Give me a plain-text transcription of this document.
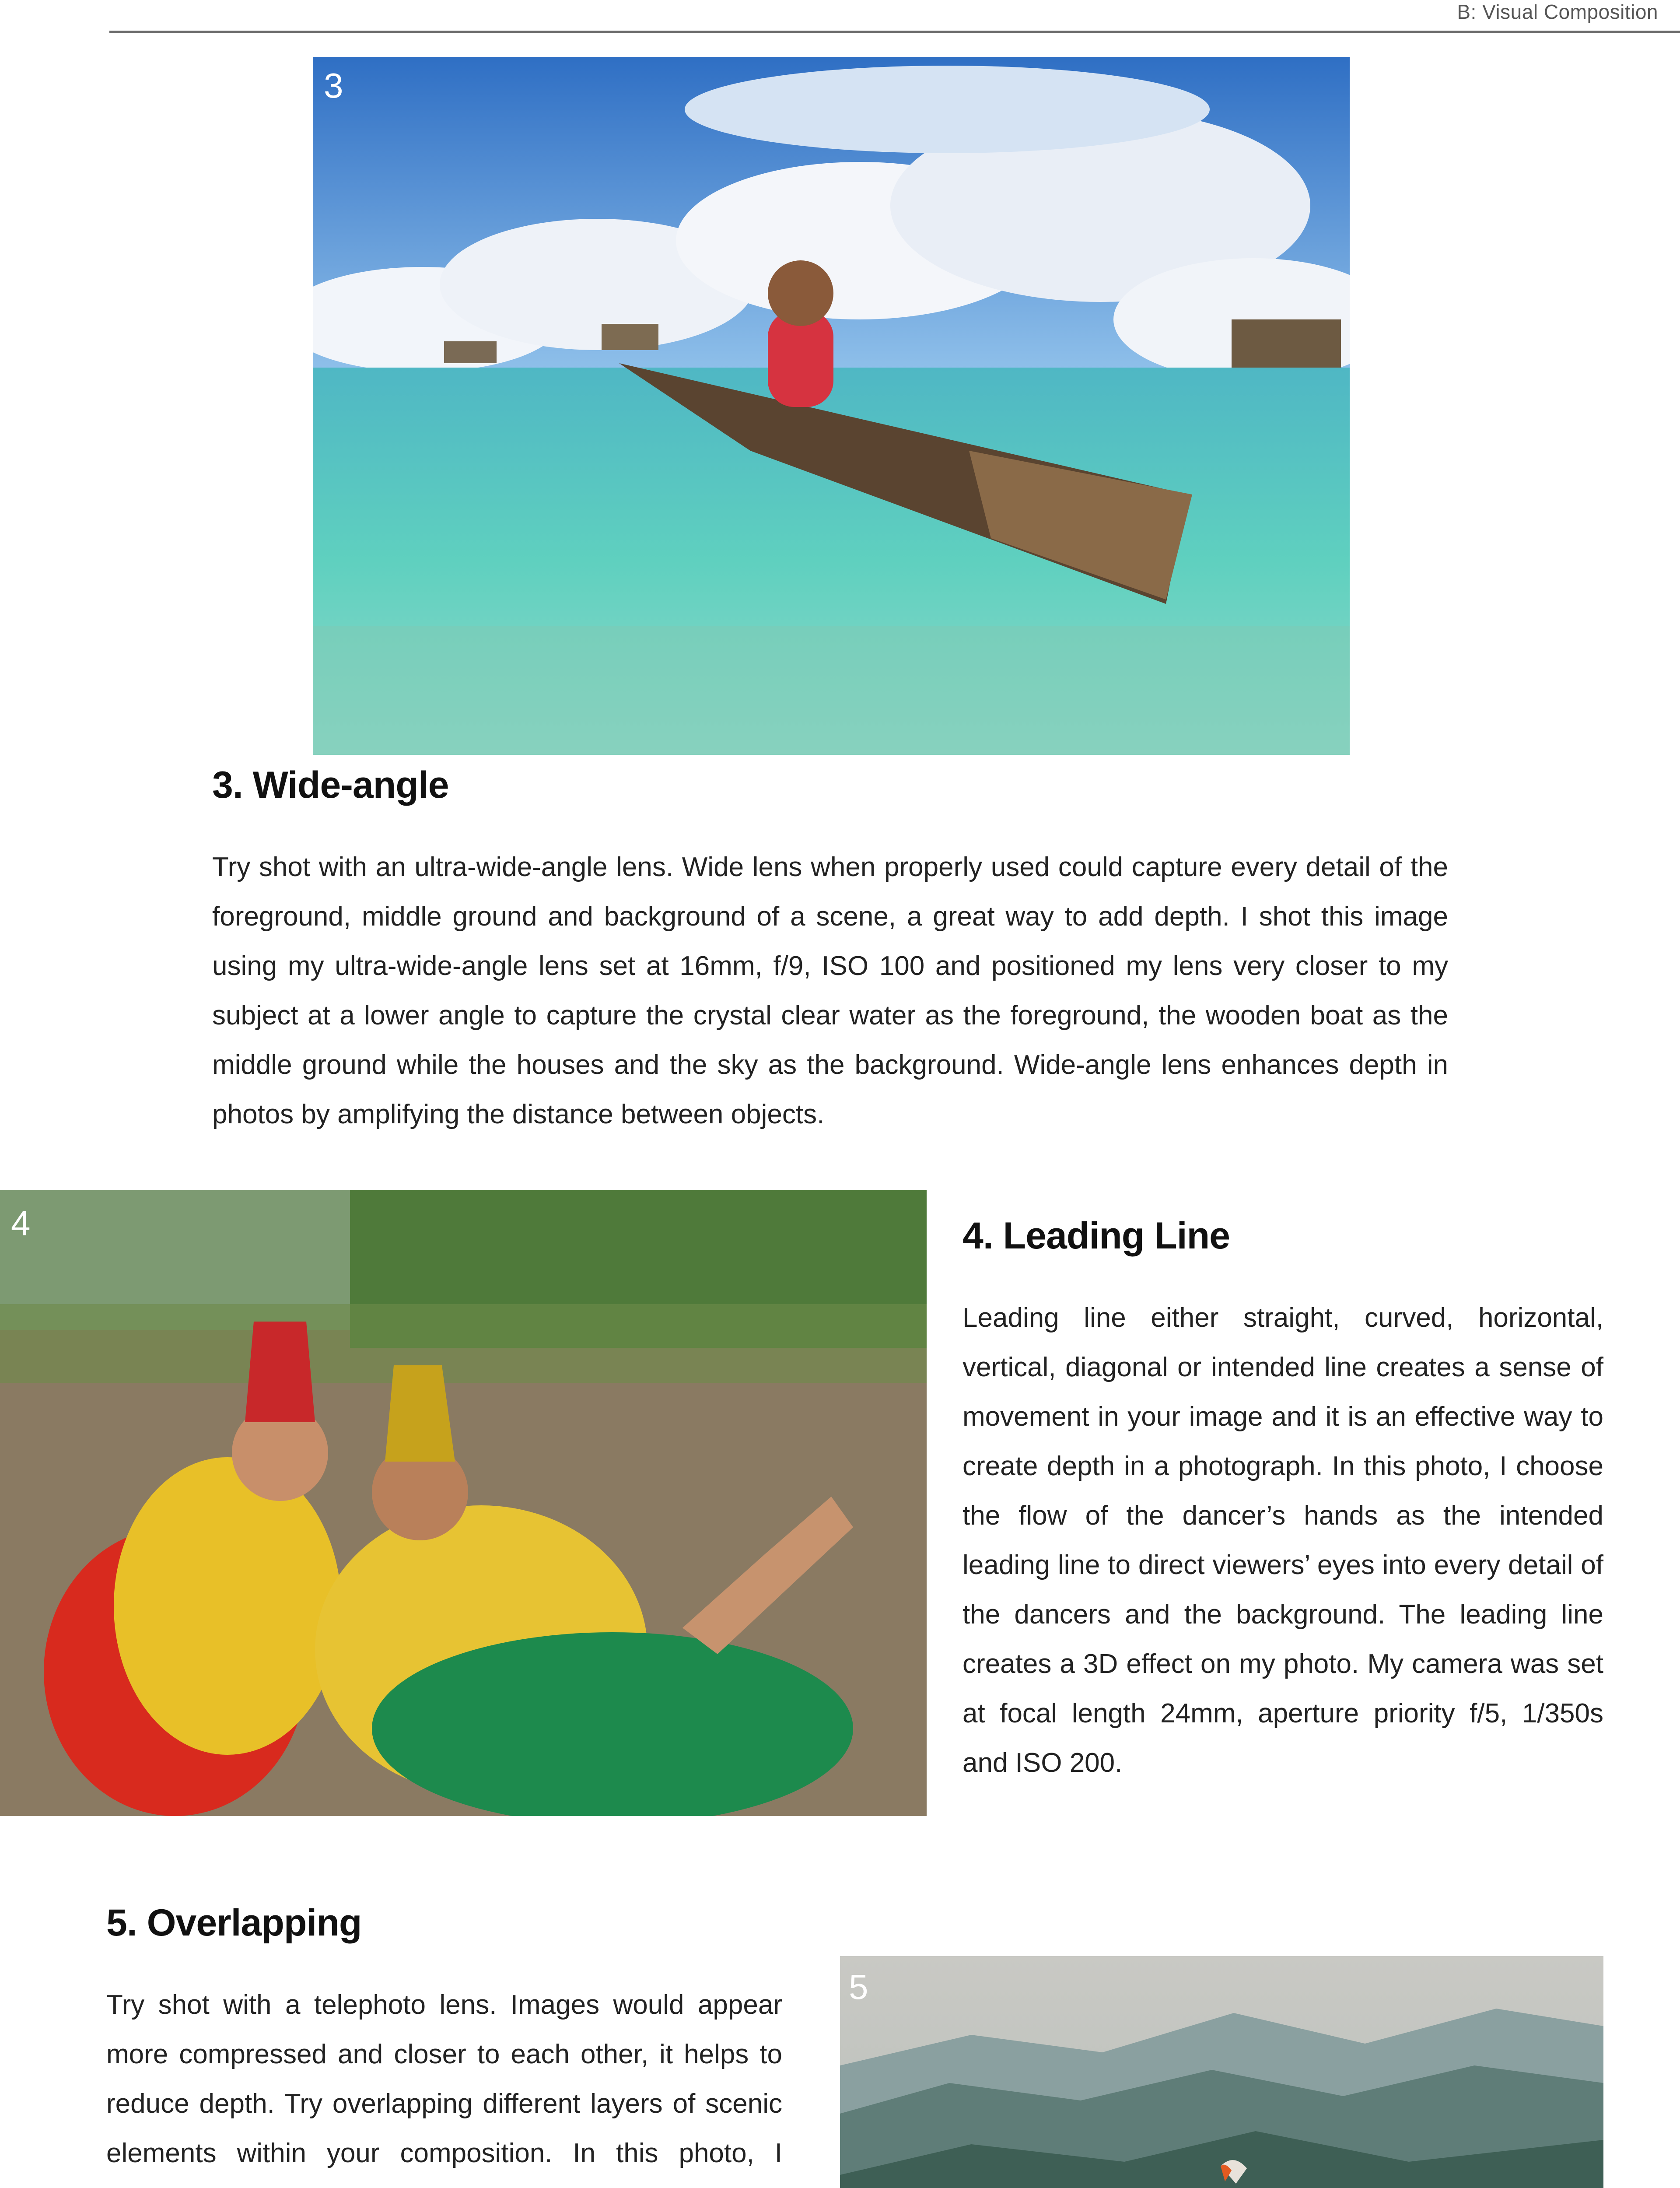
B: Visual Composition
3
3. Wide-angle
Try shot with an ultra-wide-angle lens. Wide lens when properly used could capture every detail of the foreground, middle ground and background of a scene, a great way to add depth. I shot this image using my ultra-wide-angle lens set at 16mm, f/9, ISO 100 and positioned my lens very closer to my subject at a lower angle to capture the crystal clear water as the foreground, the wooden boat as the middle ground while the houses and the sky as the background. Wide-angle lens enhances depth in photos by amplifying the distance between objects.
4	4. Leading Line
Leading line either straight, curved, horizontal, vertical, diagonal or intended line creates a sense of movement in your image and it is an effective way to create depth in a photograph. In this photo, I choose the flow of the dancer’s hands as the intended leading line to direct viewers’ eyes into every detail of the dancers and the background. The leading line creates a 3D effect on my photo. My camera was set at focal length 24mm, aperture priority f/5, 1/350s and ISO 200.
5. Overlapping
Try shot with a telephoto lens. Images would appear more compressed and closer to each other, it helps to reduce depth. Try overlapping different layers of scenic elements within your composition. In this photo, I
5
